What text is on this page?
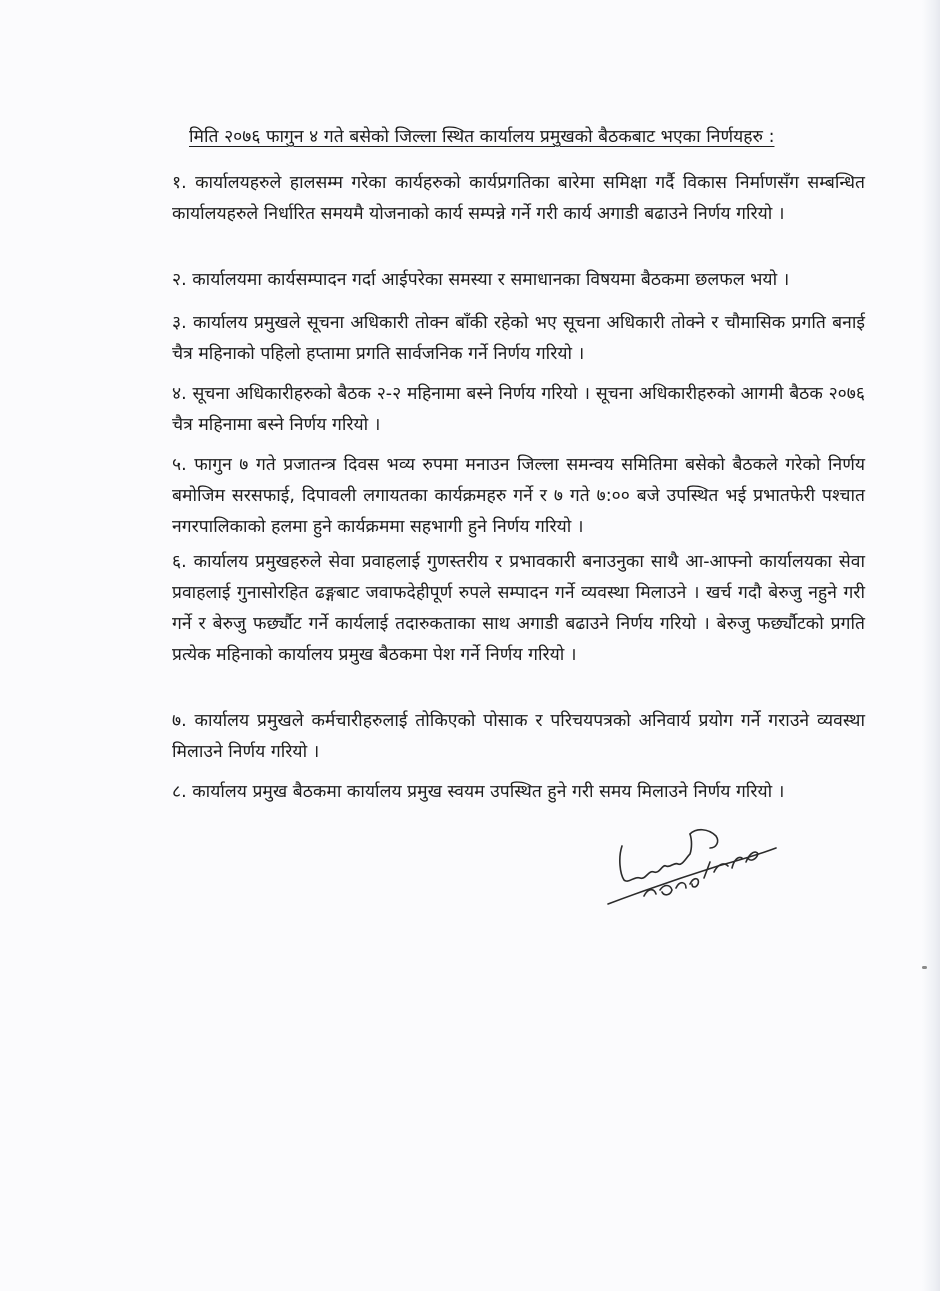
मिति २०७६ फागुन ४ गते बसेको जिल्ला स्थित कार्यालय प्रमुखको बैठकबाट भएका निर्णयहरु :

१. कार्यालयहरुले हालसम्म गरेका कार्यहरुको कार्यप्रगतिका बारेमा समिक्षा गर्दै विकास निर्माणसँग सम्बन्धित कार्यालयहरुले निर्धारित समयमै योजनाको कार्य सम्पन्ने गर्ने गरी कार्य अगाडी बढाउने निर्णय गरियो ।

२. कार्यालयमा कार्यसम्पादन गर्दा आईपरेका समस्या र समाधानका विषयमा बैठकमा छलफल भयो ।

३. कार्यालय प्रमुखले सूचना अधिकारी तोक्न बाँकी रहेको भए सूचना अधिकारी तोक्ने र चौमासिक प्रगति बनाई चैत्र महिनाको पहिलो हप्तामा प्रगति सार्वजनिक गर्ने निर्णय गरियो ।

४. सूचना अधिकारीहरुको बैठक २-२ महिनामा बस्ने निर्णय गरियो । सूचना अधिकारीहरुको आगमी बैठक २०७६ चैत्र महिनामा बस्ने निर्णय गरियो ।

५. फागुन ७ गते प्रजातन्त्र दिवस भव्य रुपमा मनाउन जिल्ला समन्वय समितिमा बसेको बैठकले गरेको निर्णय बमोजिम सरसफाई, दिपावली लगायतका कार्यक्रमहरु गर्ने र ७ गते ७:०० बजे उपस्थित भई प्रभातफेरी पश्चात नगरपालिकाको हलमा हुने कार्यक्रममा सहभागी हुने निर्णय गरियो ।

६. कार्यालय प्रमुखहरुले सेवा प्रवाहलाई गुणस्तरीय र प्रभावकारी बनाउनुका साथै आ-आफ्नो कार्यालयका सेवा प्रवाहलाई गुनासोरहित ढङ्गबाट जवाफदेहीपूर्ण रुपले सम्पादन गर्ने व्यवस्था मिलाउने । खर्च गदौ बेरुजु नहुने गरी गर्ने र बेरुजु फर्छ्यौट गर्ने कार्यलाई तदारुकताका साथ अगाडी बढाउने निर्णय गरियो । बेरुजु फर्छ्यौटको प्रगति प्रत्येक महिनाको कार्यालय प्रमुख बैठकमा पेश गर्ने निर्णय गरियो ।

७. कार्यालय प्रमुखले कर्मचारीहरुलाई तोकिएको पोसाक र परिचयपत्रको अनिवार्य प्रयोग गर्ने गराउने व्यवस्था मिलाउने निर्णय गरियो ।

८. कार्यालय प्रमुख बैठकमा कार्यालय प्रमुख स्वयम उपस्थित हुने गरी समय मिलाउने निर्णय गरियो ।
